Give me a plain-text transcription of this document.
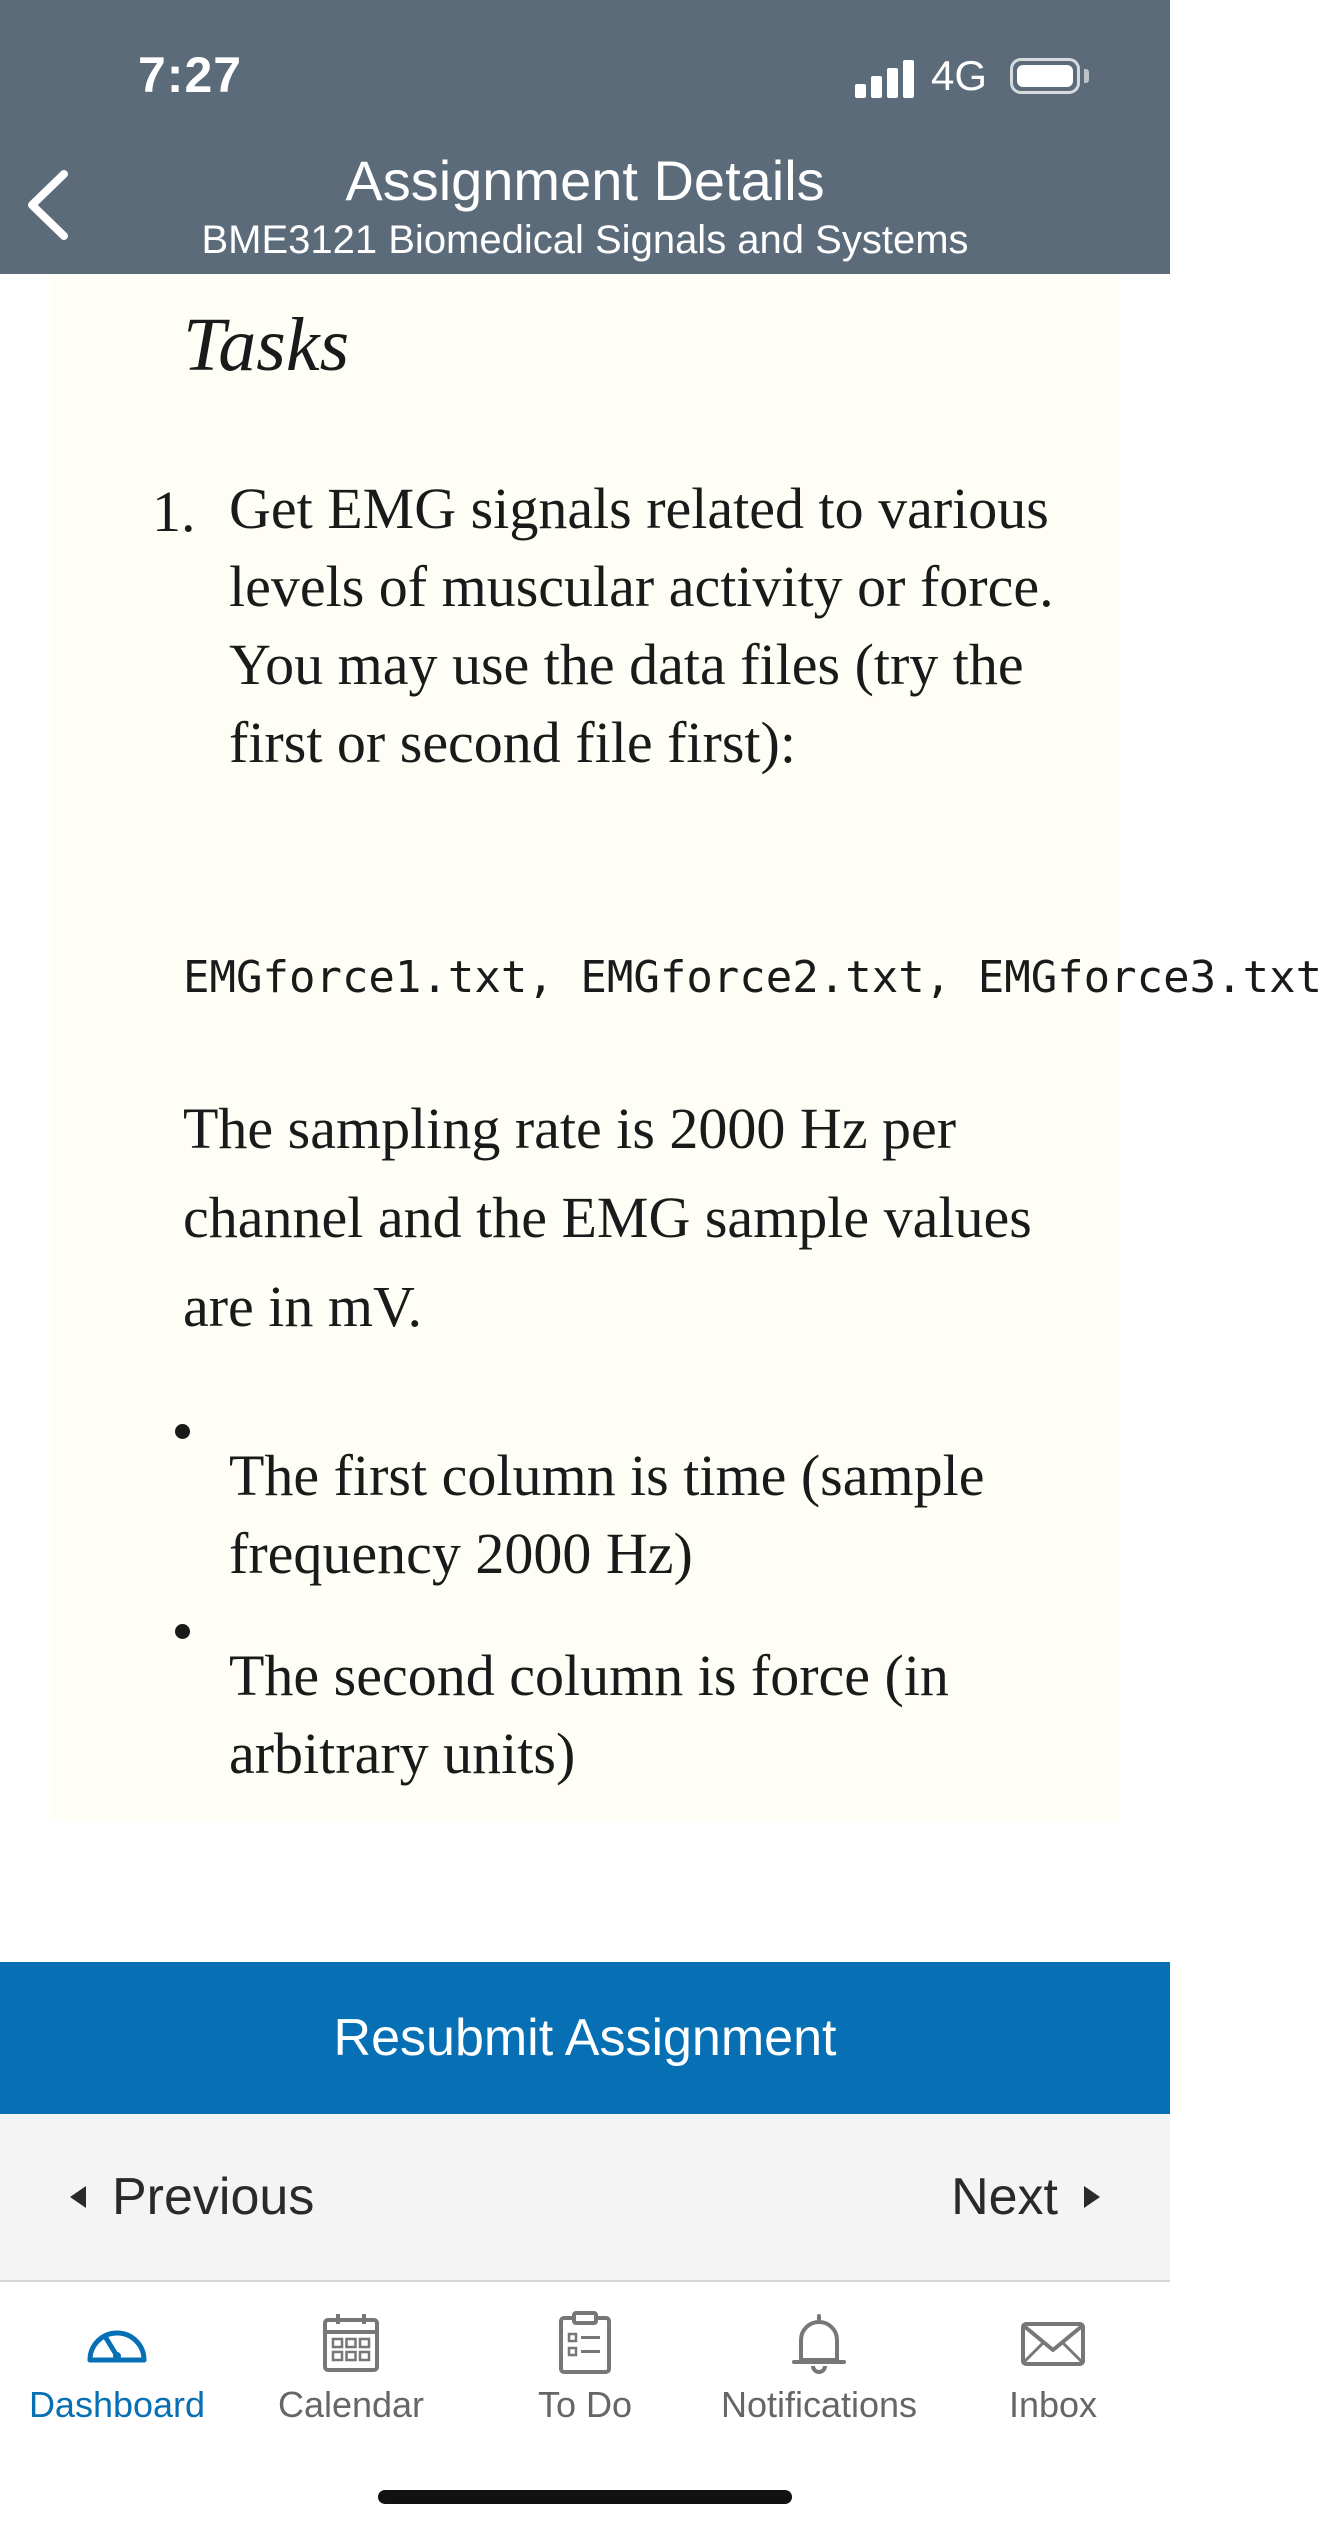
7:27	4G
Assignment Details
BME3121 Biomedical Signals and Systems
Tasks
1. Get EMG signals related to various levels of muscular activity or force. You may use the data files (try the first or second file first):
EMGforce1.txt, EMGforce2.txt, EMGforce3.txt
The sampling rate is 2000 Hz per channel and the EMG sample values are in mV.
The first column is time (sample frequency 2000 Hz)
The second column is force (in arbitrary units)
Resubmit Assignment
Previous	Next
Dashboard	Calendar	To Do	Notifications	Inbox
